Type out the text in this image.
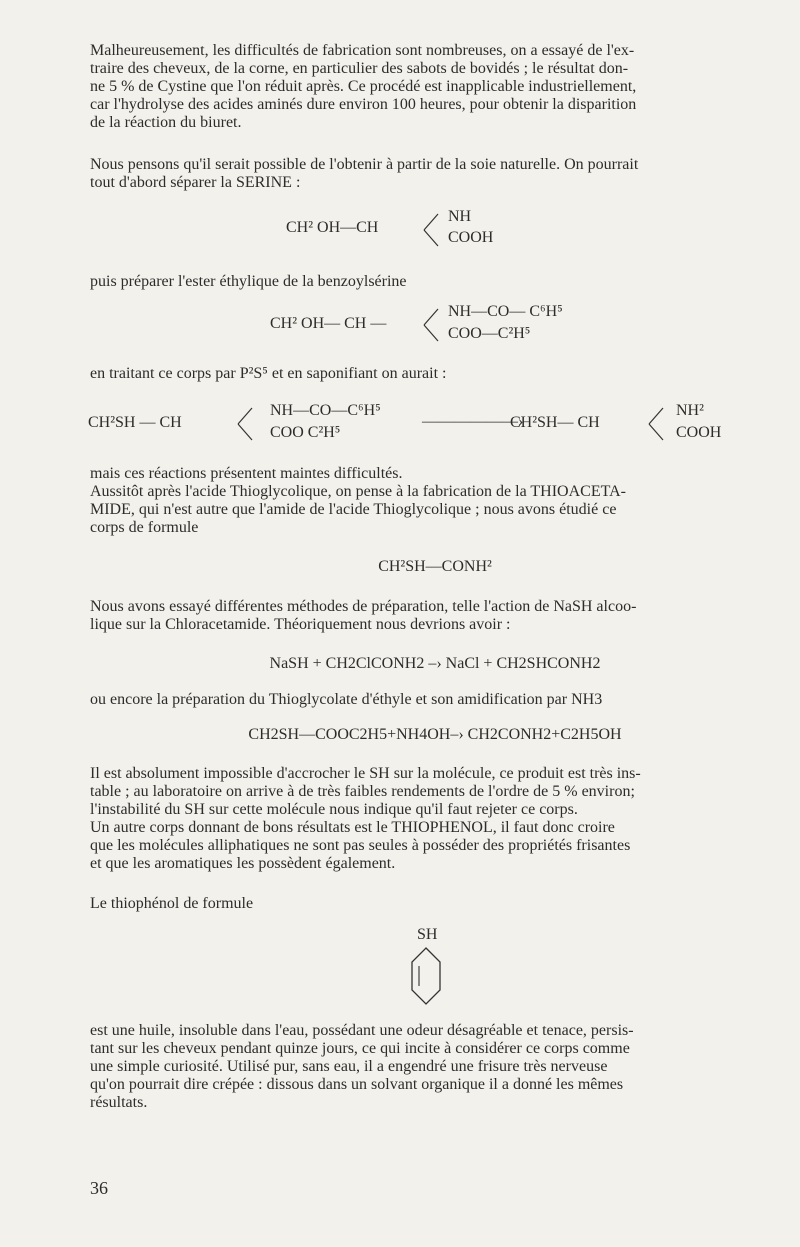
Malheureusement, les difficultés de fabrication sont nombreuses, on a essayé de l'ex-
traire des cheveux, de la corne, en particulier des sabots de bovidés ; le résultat don-
ne 5 % de Cystine que l'on réduit après. Ce procédé est inapplicable industriellement,
car l'hydrolyse des acides aminés dure environ 100 heures, pour obtenir la disparition
de la réaction du biuret.

Nous pensons qu'il serait possible de l'obtenir à partir de la soie naturelle. On pourrait
tout d'abord séparer la SERINE :

CH² OH—CH
NH
COOH

puis préparer l'ester éthylique de la benzoylsérine

CH² OH— CH —
NH—CO— C⁶H⁵
COO—C²H⁵

en traitant ce corps par P²S⁵ et en saponifiant on aurait :

CH²SH — CH
NH—CO—C⁶H⁵
COO C²H⁵
——————›
CH²SH— CH
NH²
COOH

mais ces réactions présentent maintes difficultés.
Aussitôt après l'acide Thioglycolique, on pense à la fabrication de la THIOACETA-
MIDE, qui n'est autre que l'amide de l'acide Thioglycolique ; nous avons étudié ce
corps de formule

CH²SH—CONH²

Nous avons essayé différentes méthodes de préparation, telle l'action de NaSH alcoo-
lique sur la Chloracetamide. Théoriquement nous devrions avoir :

NaSH + CH2ClCONH2 –› NaCl + CH2SHCONH2

ou encore la préparation du Thioglycolate d'éthyle et son amidification par NH3

CH2SH—COOC2H5+NH4OH–› CH2CONH2+C2H5OH

Il est absolument impossible d'accrocher le SH sur la molécule, ce produit est très ins-
table ; au laboratoire on arrive à de très faibles rendements de l'ordre de 5 % environ;
l'instabilité du SH sur cette molécule nous indique qu'il faut rejeter ce corps.
Un autre corps donnant de bons résultats est le THIOPHENOL, il faut donc croire
que les molécules alliphatiques ne sont pas seules à posséder des propriétés frisantes
et que les aromatiques les possèdent également.

Le thiophénol de formule

SH

est une huile, insoluble dans l'eau, possédant une odeur désagréable et tenace, persis-
tant sur les cheveux pendant quinze jours, ce qui incite à considérer ce corps comme
une simple curiosité. Utilisé pur, sans eau, il a engendré une frisure très nerveuse
qu'on pourrait dire crépée : dissous dans un solvant organique il a donné les mêmes
résultats.

36
